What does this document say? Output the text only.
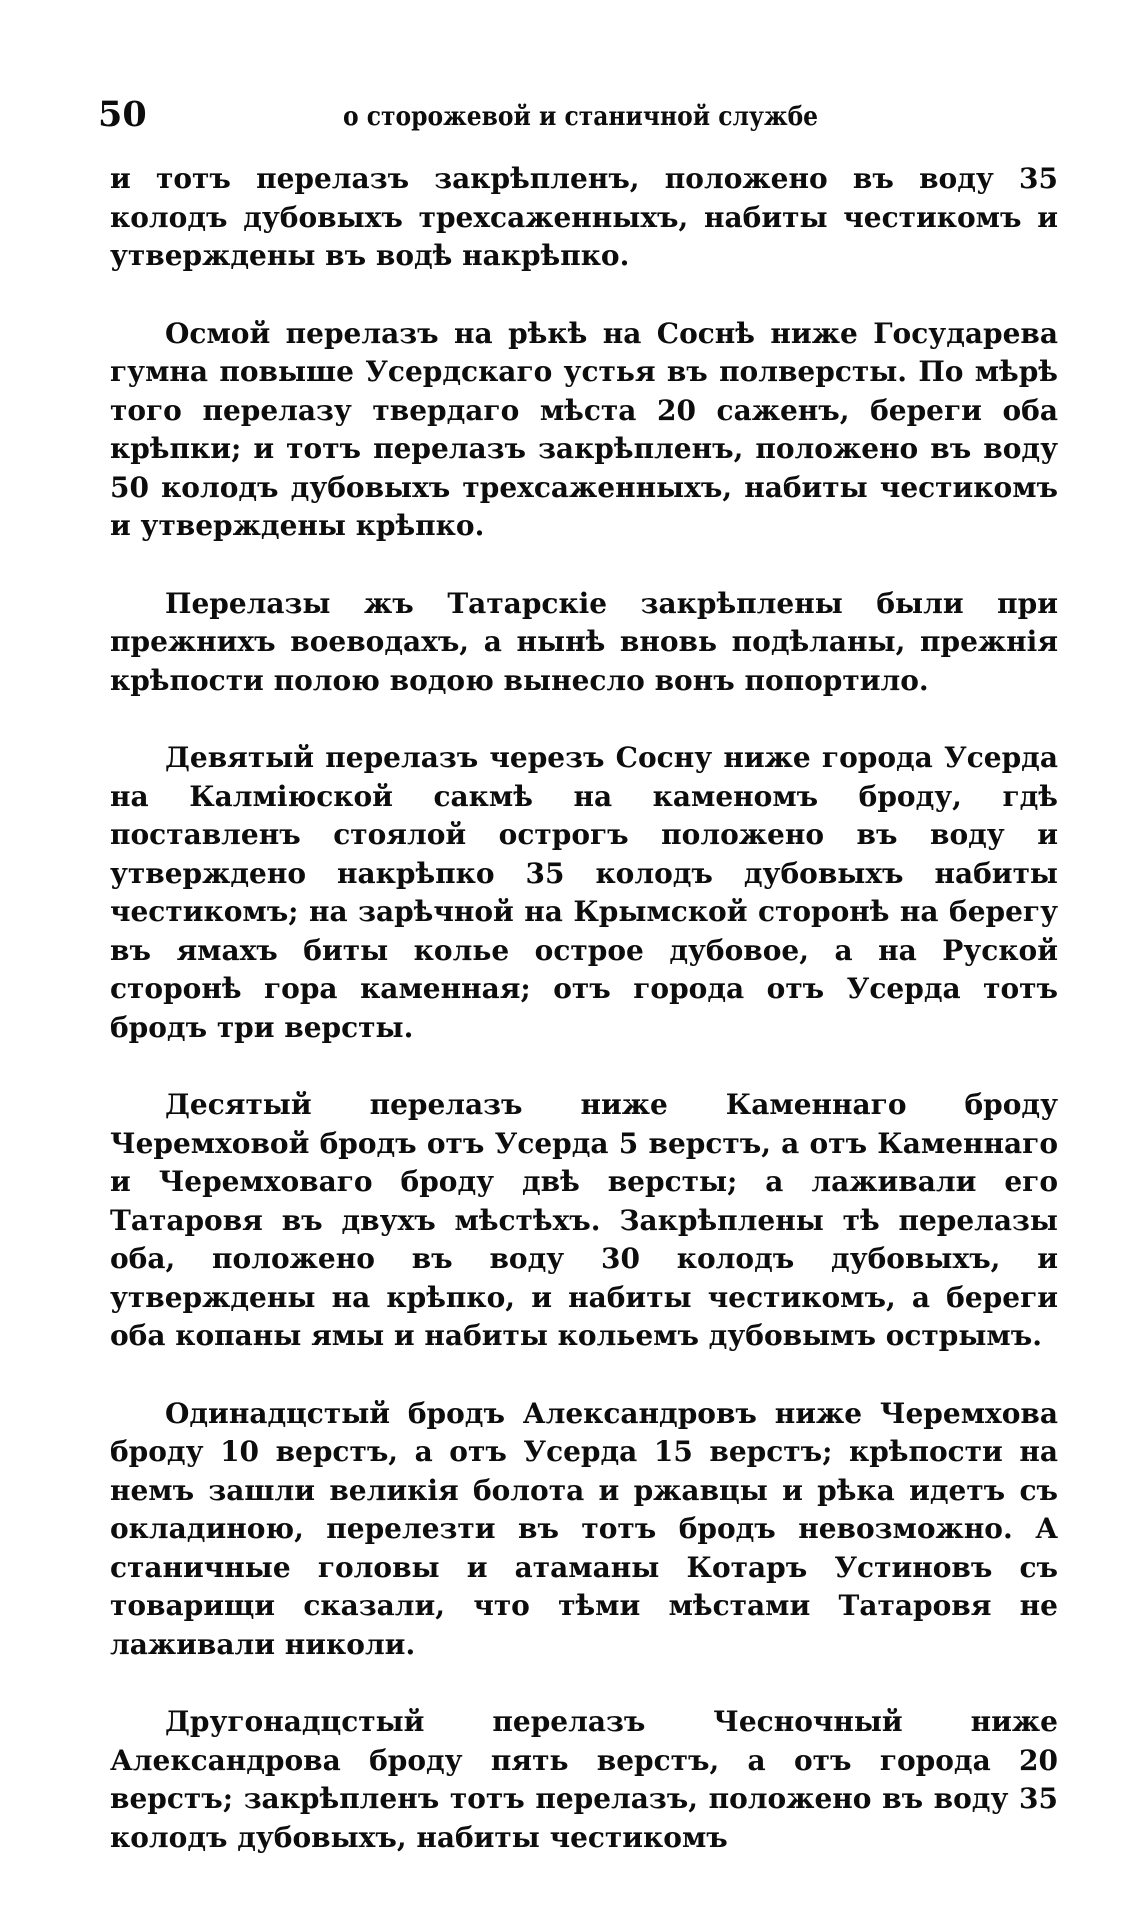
50	о сторожевой и станичной службе

и тотъ перелазъ закрѣпленъ, положено въ воду 35 колодъ дубовыхъ трехсаженныхъ, набиты честикомъ и утверждены въ водѣ накрѣпко.

Осмой перелазъ на рѣкѣ на Соснѣ ниже Государева гумна повыше Усердскаго устья въ полверсты. По мѣрѣ того перелазу твердаго мѣста 20 саженъ, береги оба крѣпки; и тотъ перелазъ закрѣпленъ, положено въ воду 50 колодъ дубовыхъ трехсаженныхъ, набиты честикомъ и утверждены крѣпко.

Перелазы жъ Татарскіе закрѣплены были при прежнихъ воеводахъ, а нынѣ вновь подѣланы, прежнія крѣпости полою водою вынесло вонъ попортило.

Девятый перелазъ черезъ Сосну ниже города Усерда на Калміюской сакмѣ на каменомъ броду, гдѣ поставленъ стоялой острогъ положено въ воду и утверждено накрѣпко 35 колодъ дубовыхъ набиты честикомъ; на зарѣчной на Крымской сторонѣ на берегу въ ямахъ биты колье острое дубовое, а на Руской сторонѣ гора каменная; отъ города отъ Усерда тотъ бродъ три версты.

Десятый перелазъ ниже Каменнаго броду Черемховой бродъ отъ Усерда 5 верстъ, а отъ Каменнаго и Черемховаго броду двѣ версты; а лаживали его Татаровя въ двухъ мѣстѣхъ. Закрѣплены тѣ перелазы оба, положено въ воду 30 колодъ дубовыхъ, и утверждены на крѣпко, и набиты честикомъ, а береги оба копаны ямы и набиты кольемъ дубовымъ острымъ.

Одинадцстый бродъ Александровъ ниже Черемхова броду 10 верстъ, а отъ Усерда 15 верстъ; крѣпости на немъ зашли великія болота и ржавцы и рѣка идетъ съ окладиною, перелезти въ тотъ бродъ невозможно. А станичные головы и атаманы Котаръ Устиновъ съ товарищи сказали, что тѣми мѣстами Татаровя не лаживали николи.

Другонадцстый перелазъ Чесночный ниже Александрова броду пять верстъ, а отъ города 20 верстъ; закрѣпленъ тотъ перелазъ, положено въ воду 35 колодъ дубовыхъ, набиты честикомъ
